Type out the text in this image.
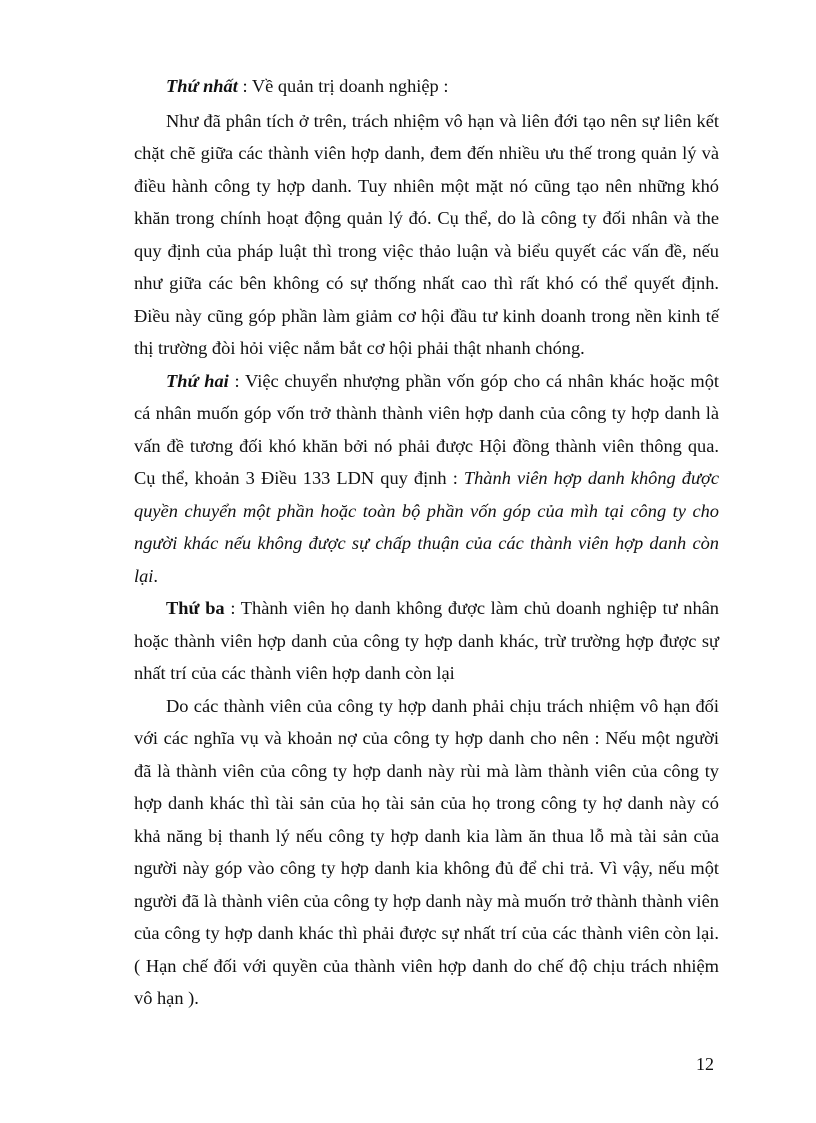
Thứ nhất : Về quản trị doanh nghiệp :

Như đã phân tích ở trên, trách nhiệm vô hạn và liên đới tạo nên sự liên kết chặt chẽ giữa các thành viên hợp danh, đem đến nhiều ưu thế trong quản lý và điều hành công ty hợp danh. Tuy nhiên một mặt nó cũng tạo nên những khó khăn trong chính hoạt động quản lý đó. Cụ thể, do là công ty đối nhân và the quy định của pháp luật thì trong việc thảo luận và biểu quyết các vấn đề, nếu như giữa các bên không có sự thống nhất cao thì rất khó có thể quyết định. Điều này cũng góp phần làm giảm cơ hội đầu tư kinh doanh trong nền kinh tế thị trường đòi hỏi việc nắm bắt cơ hội phải thật nhanh chóng.

Thứ hai : Việc chuyển nhượng phần vốn góp cho cá nhân khác hoặc một cá nhân muốn góp vốn trở thành thành viên hợp danh của công ty hợp danh là vấn đề tương đối khó khăn bởi nó phải được Hội đồng thành viên thông qua. Cụ thể, khoản 3 Điều 133 LDN quy định : Thành viên hợp danh không được quyền chuyển một phần hoặc toàn bộ phần vốn góp của mìh tại công ty cho người khác nếu không được sự chấp thuận của các thành viên hợp danh còn lại.

Thứ ba : Thành viên họ danh không được làm chủ doanh nghiệp tư nhân hoặc thành viên hợp danh của công ty hợp danh khác, trừ trường hợp được sự nhất trí của các thành viên hợp danh còn lại

Do các thành viên của công ty hợp danh phải chịu trách nhiệm vô hạn đối với các nghĩa vụ và khoản nợ của công ty hợp danh cho nên : Nếu một người đã là thành viên của công ty hợp danh này rùi mà làm thành viên của công ty hợp danh khác thì tài sản của họ tài sản của họ trong công ty hợ danh này có khả năng bị thanh lý nếu công ty hợp danh kia làm ăn thua lỗ mà tài sản của người này góp vào công ty hợp danh kia không đủ để chi trả. Vì vậy, nếu một người đã là thành viên của công ty hợp danh này mà muốn trở thành thành viên của công ty hợp danh khác thì phải được sự nhất trí của các thành viên còn lại. ( Hạn chế đối với quyền của thành viên hợp danh do chế độ chịu trách nhiệm vô hạn ).

12
